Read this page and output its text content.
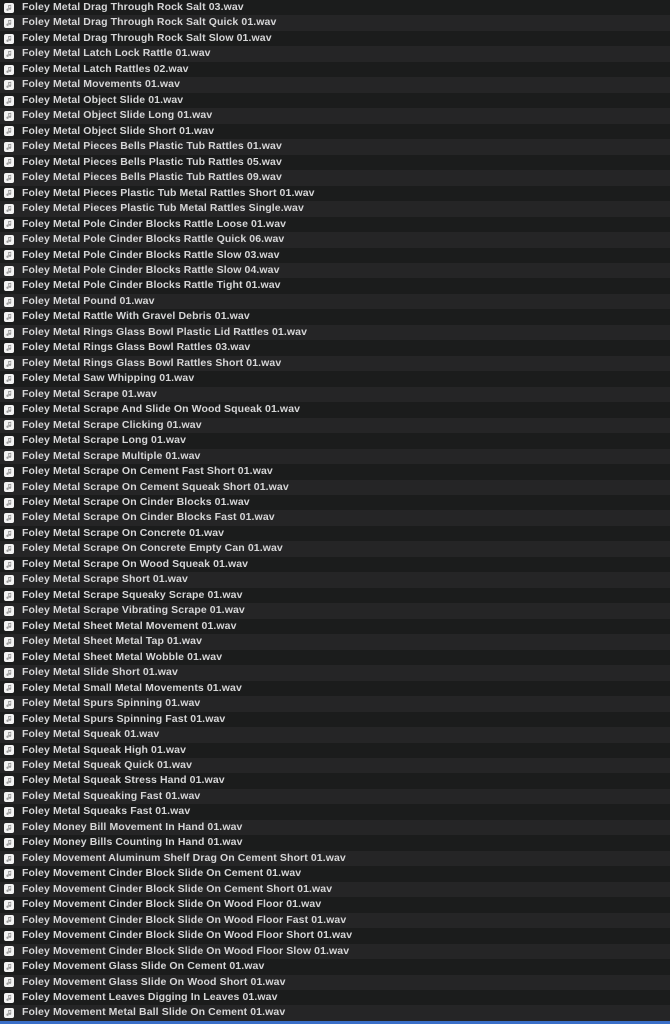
Foley Metal Drag Through Rock Salt 03.wav
Foley Metal Drag Through Rock Salt Quick 01.wav
Foley Metal Drag Through Rock Salt Slow 01.wav
Foley Metal Latch Lock Rattle 01.wav
Foley Metal Latch Rattles 02.wav
Foley Metal Movements 01.wav
Foley Metal Object Slide 01.wav
Foley Metal Object Slide Long 01.wav
Foley Metal Object Slide Short 01.wav
Foley Metal Pieces Bells Plastic Tub Rattles 01.wav
Foley Metal Pieces Bells Plastic Tub Rattles 05.wav
Foley Metal Pieces Bells Plastic Tub Rattles 09.wav
Foley Metal Pieces Plastic Tub Metal Rattles Short 01.wav
Foley Metal Pieces Plastic Tub Metal Rattles Single.wav
Foley Metal Pole Cinder Blocks Rattle Loose 01.wav
Foley Metal Pole Cinder Blocks Rattle Quick 06.wav
Foley Metal Pole Cinder Blocks Rattle Slow 03.wav
Foley Metal Pole Cinder Blocks Rattle Slow 04.wav
Foley Metal Pole Cinder Blocks Rattle Tight 01.wav
Foley Metal Pound 01.wav
Foley Metal Rattle With Gravel Debris 01.wav
Foley Metal Rings Glass Bowl Plastic Lid Rattles 01.wav
Foley Metal Rings Glass Bowl Rattles 03.wav
Foley Metal Rings Glass Bowl Rattles Short 01.wav
Foley Metal Saw Whipping 01.wav
Foley Metal Scrape 01.wav
Foley Metal Scrape And Slide On Wood Squeak 01.wav
Foley Metal Scrape Clicking 01.wav
Foley Metal Scrape Long 01.wav
Foley Metal Scrape Multiple 01.wav
Foley Metal Scrape On Cement Fast Short 01.wav
Foley Metal Scrape On Cement Squeak Short 01.wav
Foley Metal Scrape On Cinder Blocks 01.wav
Foley Metal Scrape On Cinder Blocks Fast 01.wav
Foley Metal Scrape On Concrete 01.wav
Foley Metal Scrape On Concrete Empty Can 01.wav
Foley Metal Scrape On Wood Squeak 01.wav
Foley Metal Scrape Short 01.wav
Foley Metal Scrape Squeaky Scrape 01.wav
Foley Metal Scrape Vibrating Scrape 01.wav
Foley Metal Sheet Metal Movement 01.wav
Foley Metal Sheet Metal Tap 01.wav
Foley Metal Sheet Metal Wobble 01.wav
Foley Metal Slide Short 01.wav
Foley Metal Small Metal Movements 01.wav
Foley Metal Spurs Spinning 01.wav
Foley Metal Spurs Spinning Fast 01.wav
Foley Metal Squeak 01.wav
Foley Metal Squeak High 01.wav
Foley Metal Squeak Quick 01.wav
Foley Metal Squeak Stress Hand 01.wav
Foley Metal Squeaking Fast 01.wav
Foley Metal Squeaks Fast 01.wav
Foley Money Bill Movement In Hand 01.wav
Foley Money Bills Counting In Hand 01.wav
Foley Movement Aluminum Shelf Drag On Cement Short 01.wav
Foley Movement Cinder Block Slide On Cement 01.wav
Foley Movement Cinder Block Slide On Cement Short 01.wav
Foley Movement Cinder Block Slide On Wood Floor 01.wav
Foley Movement Cinder Block Slide On Wood Floor Fast 01.wav
Foley Movement Cinder Block Slide On Wood Floor Short 01.wav
Foley Movement Cinder Block Slide On Wood Floor Slow 01.wav
Foley Movement Glass Slide On Cement 01.wav
Foley Movement Glass Slide On Wood Short 01.wav
Foley Movement Leaves Digging In Leaves 01.wav
Foley Movement Metal Ball Slide On Cement 01.wav
